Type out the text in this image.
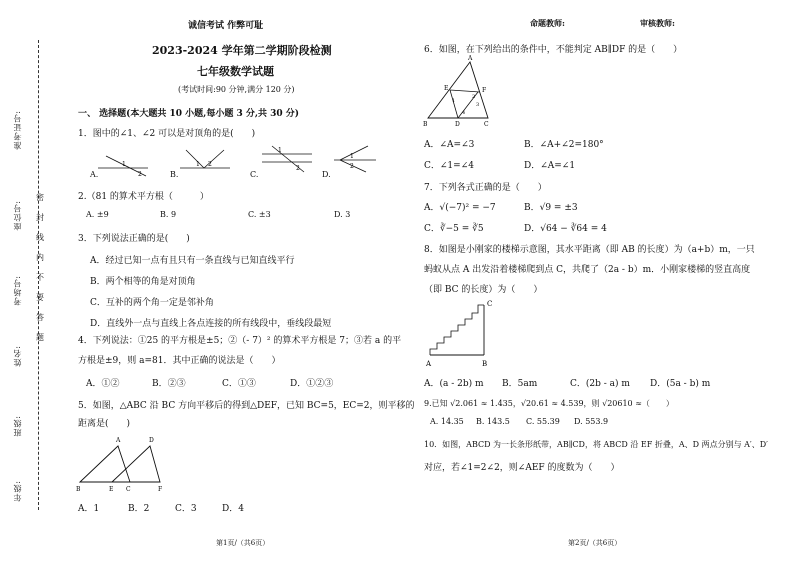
准考证号:
座位号:
考场号:
姓名:
班级:
年级:
密
封
线
内
不
要
答
题
诚信考试 作弊可耻	命题教师:	审核教师:
2023-2024 学年第二学期阶段检测
七年级数学试题
(考试时间:90 分钟,满分 120 分)
一、 选择题(本大题共 10 小题,每小题 3 分,共 30 分)
1．图中的∠1、∠2 可以是对顶角的是(　　)
A.	B.	C.	D.
1
2
1 2
1
2
1
2
2.（81 的算术平方根（　　　）
A. ±9	B. 9	C. ±3	D. 3
3．下列说法正确的是(　　)
A．经过已知一点有且只有一条直线与已知直线平行
B．两个相等的角是对顶角
C．互补的两个角一定是邻补角
D．直线外一点与直线上各点连接的所有线段中，垂线段最短
4．下列说法：①25 的平方根是±5；②（- 7）² 的算术平方根是 7；③若 a 的平
方根是±9，则 a=81．其中正确的说法是（　　）
A．①②	B．②③	C．①③	D．①②③
5．如图，△ABC 沿 BC 方向平移后的得到△DEF，已知 BC=5，EC=2，则平移的
距离是(　　)
B	E C	F
A	D
A．1	B．2	C．3	D．4
6．如图，在下列给出的条件中，不能判定 AB∥DF 的是（　　）
A
B	D	C
E	F
1
2
3
4
A．∠A=∠3	B．∠A+∠2=180°
C．∠1=∠4	D．∠A=∠1
7．下列各式正确的是（　　）
A．√(−7)² = −7	B．√9 = ±3
C．∛−5 = ∛5	D．√64 − ∛64 = 4
8．如图是小刚家的楼梯示意图，其水平距离（即 AB 的长度）为（a+b）m，一只
蚂蚁从点 A 出发沿着楼梯爬到点 C，共爬了（2a - b）m．小刚家楼梯的竖直高度
（即 BC 的长度）为（　　）
A	B
C
A．(a - 2b) m B．5am	C．(2b - a) m D．(5a - b) m
9.已知 √2.061 ≈ 1.435，√20.61 ≈ 4.539，则 √20610 ≈（　　）
A. 14.35 B. 143.5 C. 55.39 D. 553.9
10．如图，ABCD 为一长条形纸带，AB∥CD，将 ABCD 沿 EF 折叠，A、D 两点分别与 A′、D′
对应，若∠1=2∠2，则∠AEF 的度数为（　　）
第1页/（共6页）	第2页/（共6页）
